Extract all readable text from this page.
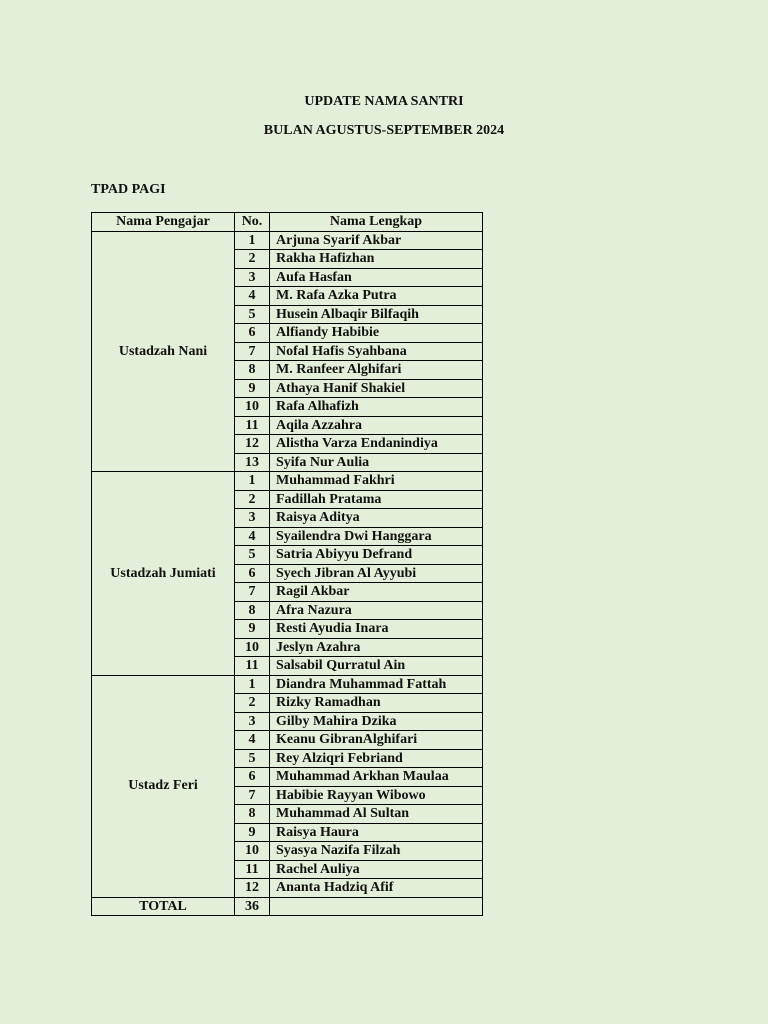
UPDATE NAMA SANTRI
BULAN AGUSTUS-SEPTEMBER 2024
TPAD PAGI
Nama Pengajar	No.	Nama Lengkap
Ustadzah Nani	1	Arjuna Syarif Akbar
	2	Rakha Hafizhan
	3	Aufa Hasfan
	4	M. Rafa Azka Putra
	5	Husein Albaqir Bilfaqih
	6	Alfiandy Habibie
	7	Nofal Hafis Syahbana
	8	M. Ranfeer Alghifari
	9	Athaya Hanif Shakiel
	10	Rafa Alhafizh
	11	Aqila Azzahra
	12	Alistha Varza Endanindiya
	13	Syifa Nur Aulia
Ustadzah Jumiati	1	Muhammad Fakhri
	2	Fadillah Pratama
	3	Raisya Aditya
	4	Syailendra Dwi Hanggara
	5	Satria Abiyyu Defrand
	6	Syech Jibran Al Ayyubi
	7	Ragil Akbar
	8	Afra Nazura
	9	Resti Ayudia Inara
	10	Jeslyn Azahra
	11	Salsabil Qurratul Ain
Ustadz Feri	1	Diandra Muhammad Fattah
	2	Rizky Ramadhan
	3	Gilby Mahira Dzika
	4	Keanu GibranAlghifari
	5	Rey Alziqri Febriand
	6	Muhammad Arkhan Maulaa
	7	Habibie Rayyan Wibowo
	8	Muhammad Al Sultan
	9	Raisya Haura
	10	Syasya Nazifa Filzah
	11	Rachel Auliya
	12	Ananta Hadziq Afif
TOTAL	36	
